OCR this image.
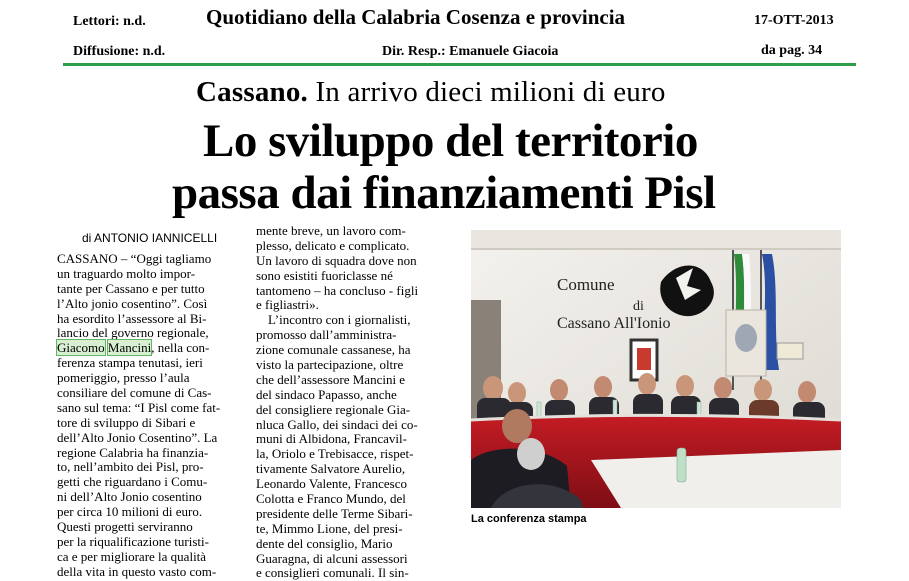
Lettori: n.d.	Quotidiano della Calabria Cosenza e provincia	17-OTT-2013
Diffusione: n.d.	Dir. Resp.: Emanuele Giacoia	da pag. 34
Cassano. In arrivo dieci milioni di euro
Lo sviluppo del territorio
passa dai finanziamenti Pisl
di ANTONIO IANNICELLI
CASSANO – “Oggi tagliamo
un traguardo molto impor-
tante per Cassano e per tutto
l’Alto jonio cosentino”. Così
ha esordito l’assessore al Bi-
lancio del governo regionale,
Giacomo Mancini, nella con-
ferenza stampa tenutasi, ieri
pomeriggio, presso l’aula
consiliare del comune di Cas-
sano sul tema: “I Pisl come fat-
tore di sviluppo di Sibari e
dell’Alto Jonio Cosentino”. La
regione Calabria ha finanzia-
to, nell’ambito dei Pisl, pro-
getti che riguardano i Comu-
ni dell’Alto Jonio cosentino
per circa 10 milioni di euro.
Questi progetti serviranno
per la riqualificazione turisti-
ca e per migliorare la qualità
della vita in questo vasto com-
mente breve, un lavoro com-
plesso, delicato e complicato.
Un lavoro di squadra dove non
sono esistiti fuoriclasse né
tantomeno – ha concluso - figli
e figliastri».
L’incontro con i giornalisti,
promosso dall’amministra-
zione comunale cassanese, ha
visto la partecipazione, oltre
che dell’assessore Mancini e
del sindaco Papasso, anche
del consigliere regionale Gia-
nluca Gallo, dei sindaci dei co-
muni di Albidona, Francavil-
la, Oriolo e Trebisacce, rispet-
tivamente Salvatore Aurelio,
Leonardo Valente, Francesco
Colotta e Franco Mundo, del
presidente delle Terme Sibari-
te, Mimmo Lione, del presi-
dente del consiglio, Mario
Guaragna, di alcuni assessori
e consiglieri comunali. Il sin-
Comune
di
Cassano All'Ionio
La conferenza stampa
